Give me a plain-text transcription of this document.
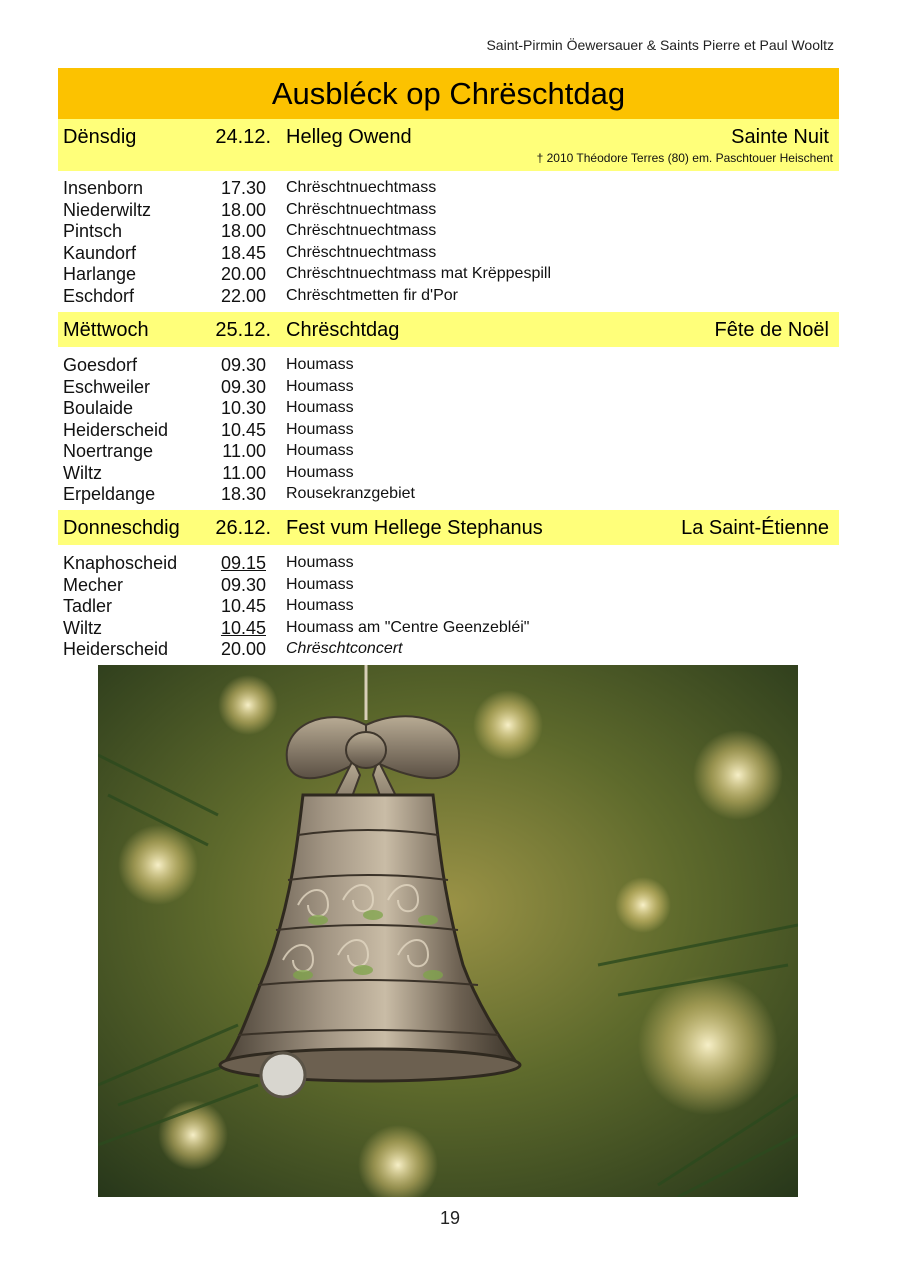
Saint-Pirmin Öewersauer & Saints Pierre et Paul Wooltz
Ausbléck op Chrëschtdag
Dënsdig	24.12. Helleg Owend	Sainte Nuit
† 2010 Théodore Terres (80) em. Paschtouer Heischent
Insenborn	17.30 Chrëschtnuechtmass
Niederwiltz	18.00 Chrëschtnuechtmass
Pintsch	18.00 Chrëschtnuechtmass
Kaundorf	18.45 Chrëschtnuechtmass
Harlange	20.00 Chrëschtnuechtmass mat Krëppespill
Eschdorf	22.00 Chrëschtmetten fir d'Por
Mëttwoch	25.12. Chrëschtdag	Fête de Noël
Goesdorf	09.30 Houmass
Eschweiler	09.30 Houmass
Boulaide	10.30 Houmass
Heiderscheid	10.45 Houmass
Noertrange	11.00 Houmass
Wiltz	11.00 Houmass
Erpeldange	18.30 Rousekranzgebiet
Donneschdig	26.12. Fest vum Hellege Stephanus	La Saint-Étienne
Knaphoscheid	09.15 Houmass
Mecher	09.30 Houmass
Tadler	10.45 Houmass
Wiltz	10.45 Houmass am "Centre Geenzebléi"
Heiderscheid	20.00 Chrëschtconcert
19
